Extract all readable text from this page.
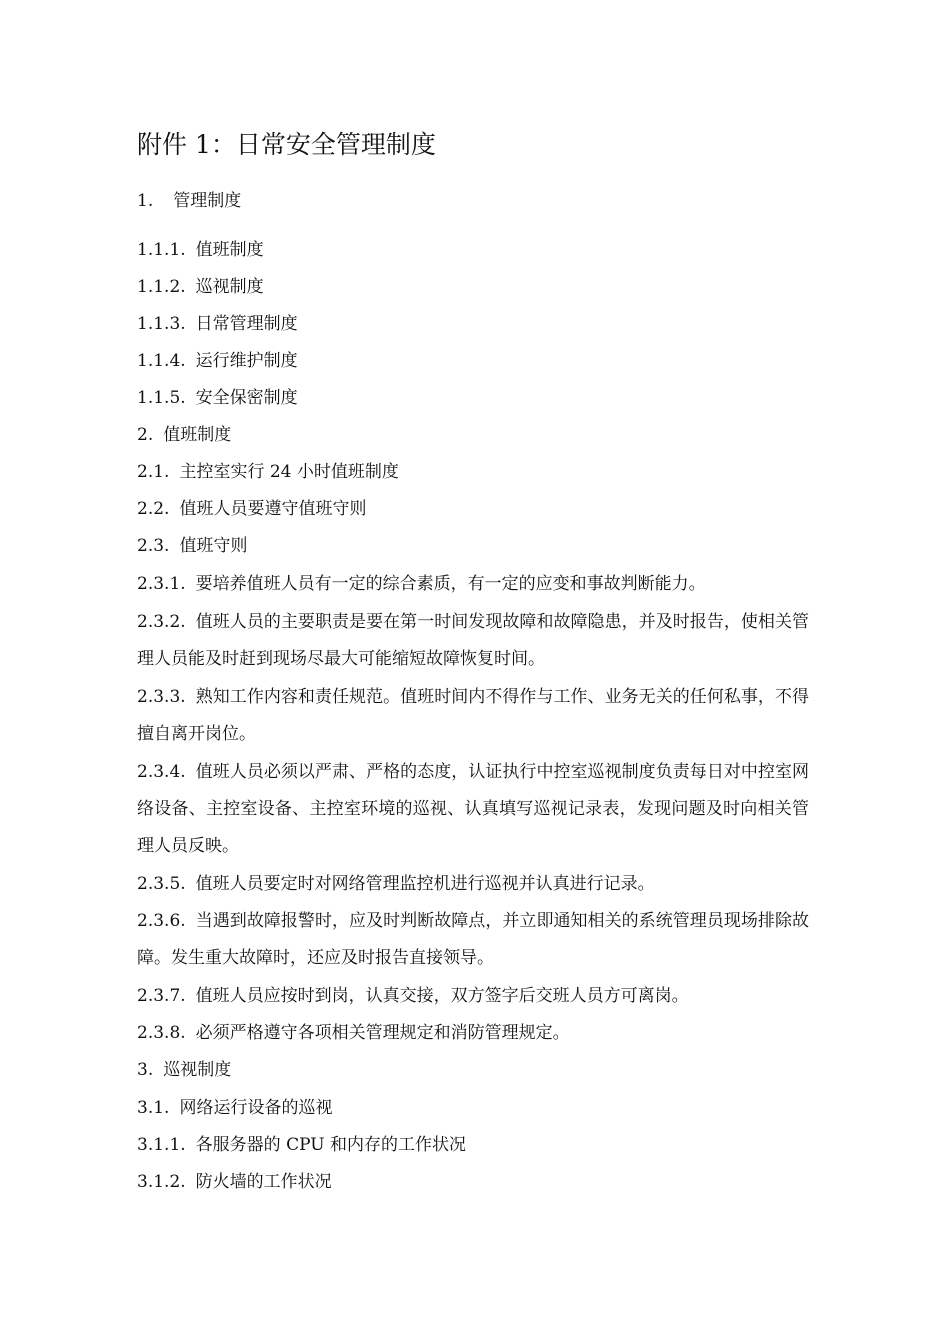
附件 1：日常安全管理制度
1. 管理制度
1.1.1. 值班制度
1.1.2. 巡视制度
1.1.3. 日常管理制度
1.1.4. 运行维护制度
1.1.5. 安全保密制度
2. 值班制度
2.1. 主控室实行 24 小时值班制度
2.2. 值班人员要遵守值班守则
2.3. 值班守则
2.3.1. 要培养值班人员有一定的综合素质，有一定的应变和事故判断能力。
2.3.2. 值班人员的主要职责是要在第一时间发现故障和故障隐患，并及时报告，使相关管理人员能及时赶到现场尽最大可能缩短故障恢复时间。
2.3.3. 熟知工作内容和责任规范。值班时间内不得作与工作、业务无关的任何私事，不得擅自离开岗位。
2.3.4. 值班人员必须以严肃、严格的态度，认证执行中控室巡视制度负责每日对中控室网络设备、主控室设备、主控室环境的巡视、认真填写巡视记录表，发现问题及时向相关管理人员反映。
2.3.5. 值班人员要定时对网络管理监控机进行巡视并认真进行记录。
2.3.6. 当遇到故障报警时，应及时判断故障点，并立即通知相关的系统管理员现场排除故障。发生重大故障时，还应及时报告直接领导。
2.3.7. 值班人员应按时到岗，认真交接，双方签字后交班人员方可离岗。
2.3.8. 必须严格遵守各项相关管理规定和消防管理规定。
3. 巡视制度
3.1. 网络运行设备的巡视
3.1.1. 各服务器的 CPU 和内存的工作状况
3.1.2. 防火墙的工作状况
